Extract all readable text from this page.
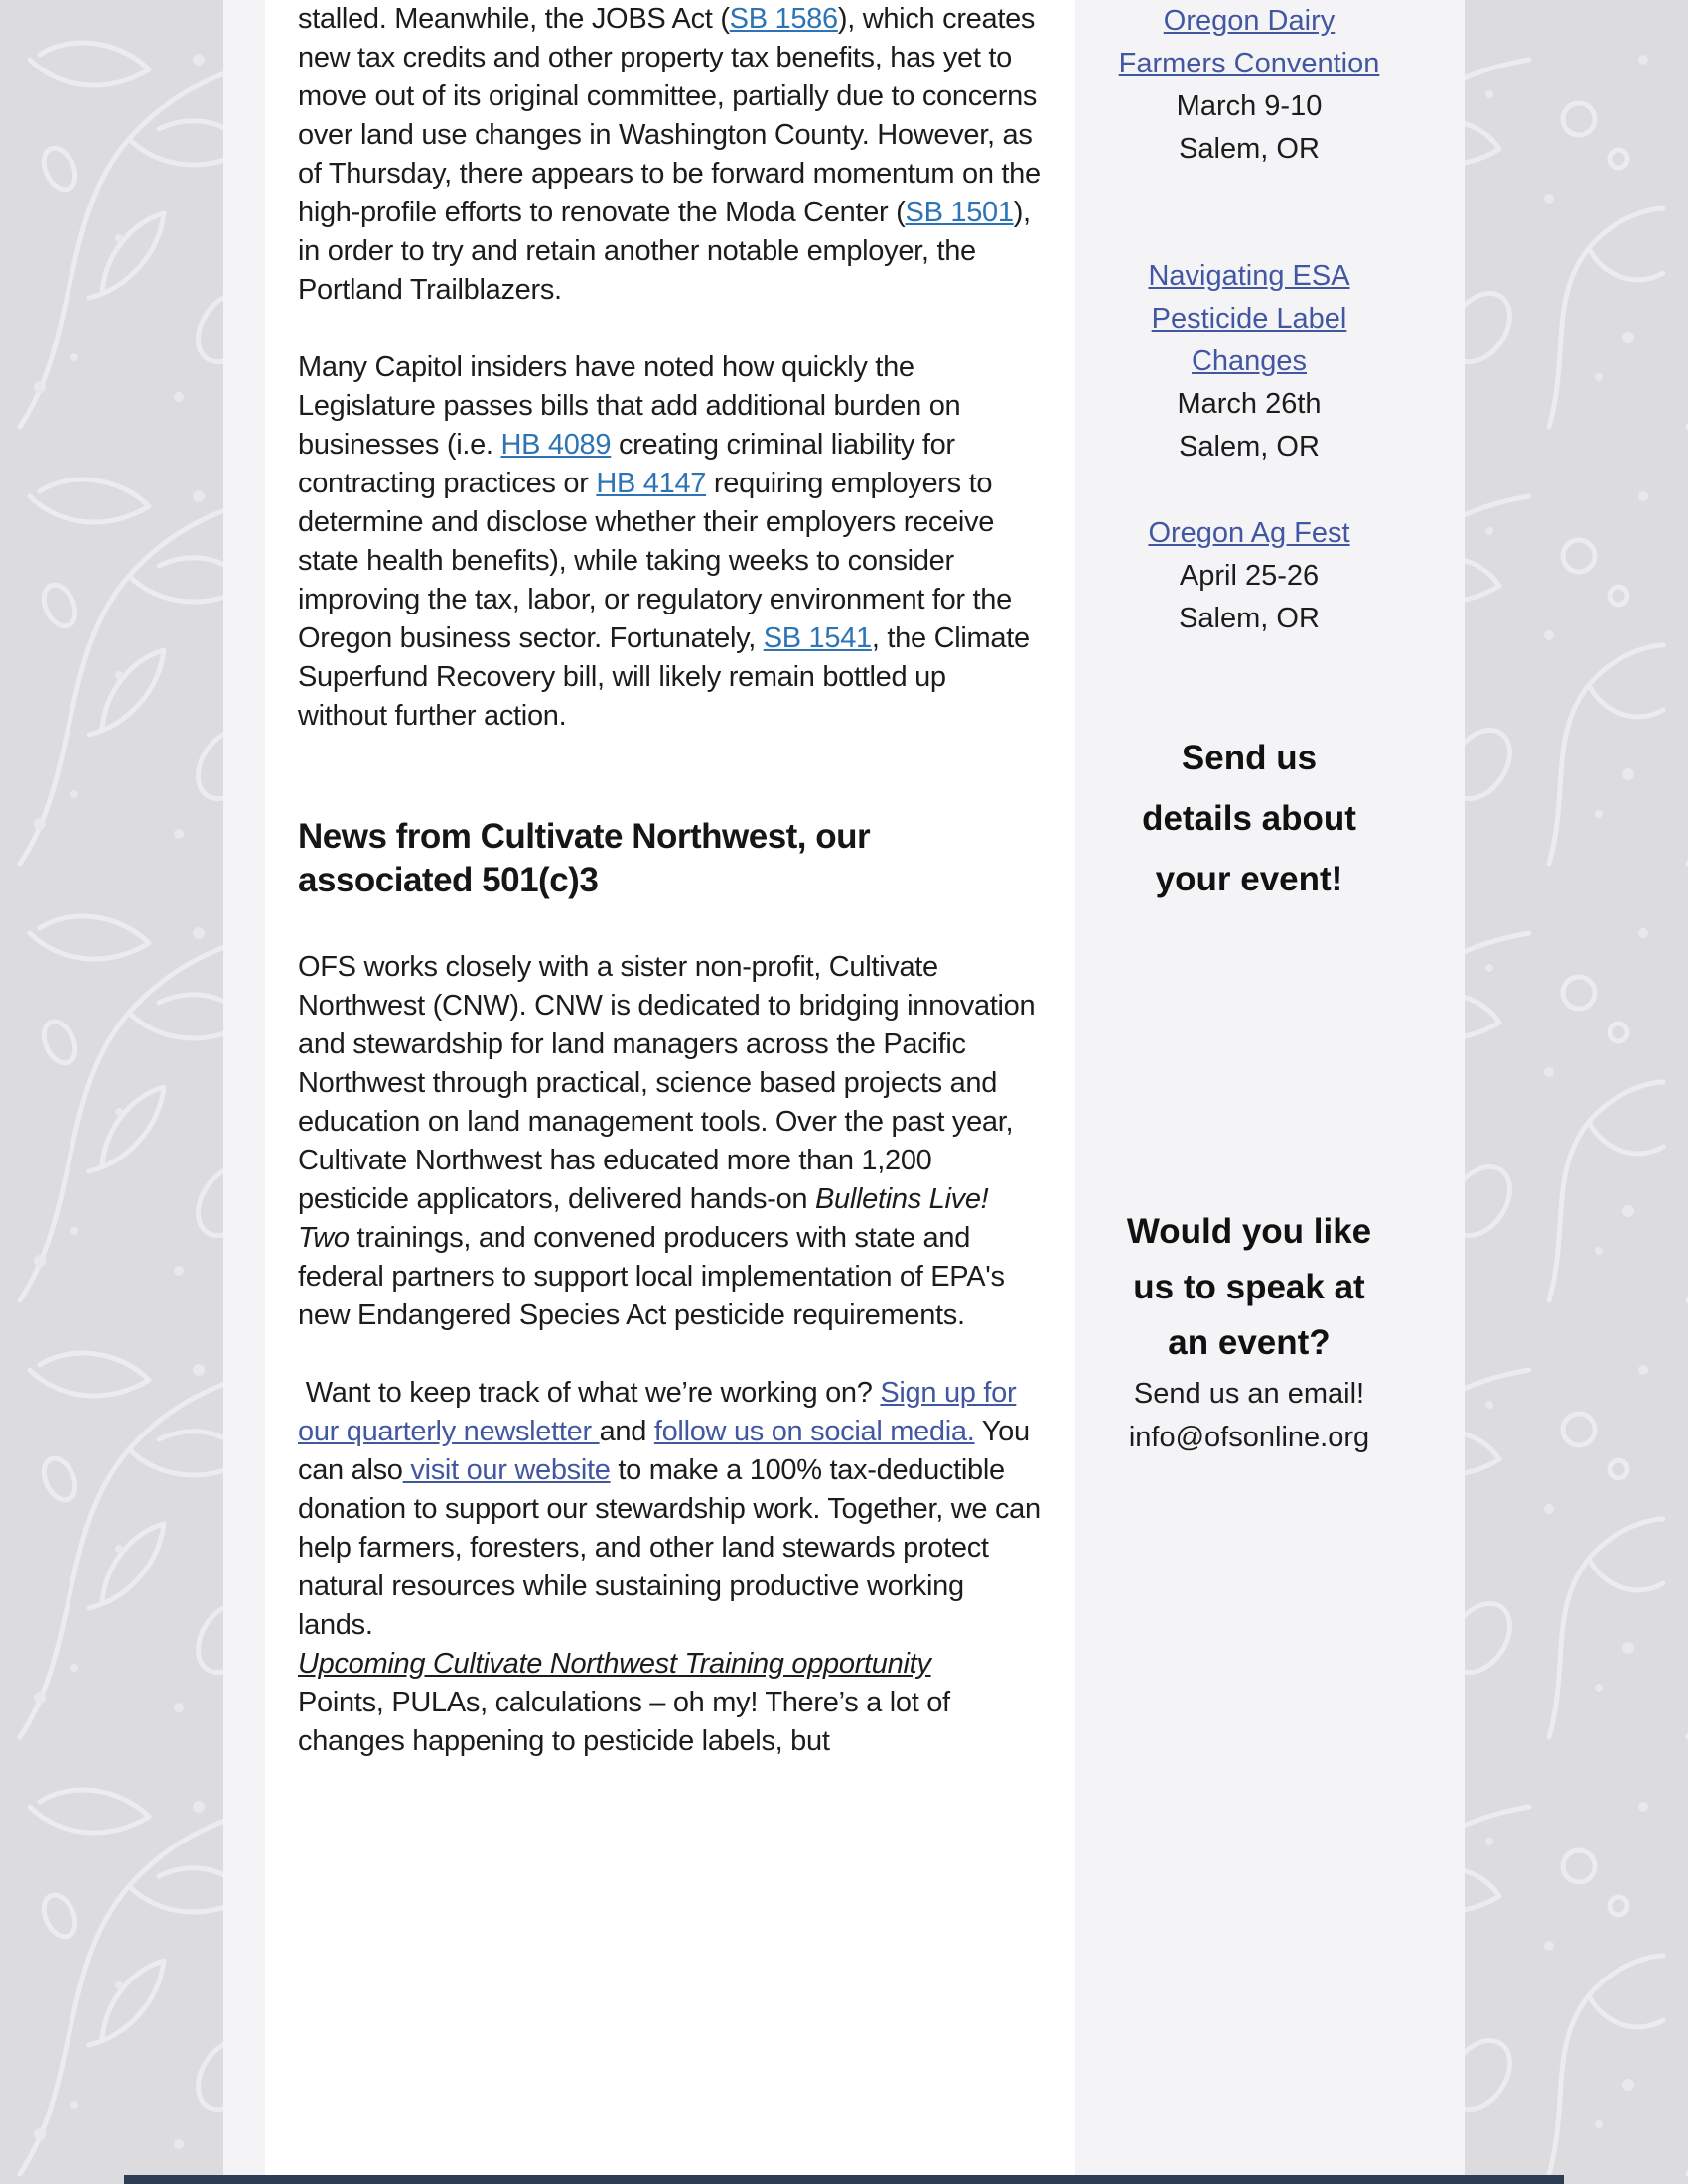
stalled. Meanwhile, the JOBS Act (SB 1586), which creates new tax credits and other property tax benefits, has yet to move out of its original committee, partially due to concerns over land use changes in Washington County. However, as of Thursday, there appears to be forward momentum on the high-profile efforts to renovate the Moda Center (SB 1501), in order to try and retain another notable employer, the Portland Trailblazers.

Many Capitol insiders have noted how quickly the Legislature passes bills that add additional burden on businesses (i.e. HB 4089 creating criminal liability for contracting practices or HB 4147 requiring employers to determine and disclose whether their employers receive state health benefits), while taking weeks to consider improving the tax, labor, or regulatory environment for the Oregon business sector. Fortunately, SB 1541, the Climate Superfund Recovery bill, will likely remain bottled up without further action.

News from Cultivate Northwest, our associated 501(c)3

OFS works closely with a sister non-profit, Cultivate Northwest (CNW). CNW is dedicated to bridging innovation and stewardship for land managers across the Pacific Northwest through practical, science based projects and education on land management tools. Over the past year, Cultivate Northwest has educated more than 1,200 pesticide applicators, delivered hands-on Bulletins Live! Two trainings, and convened producers with state and federal partners to support local implementation of EPA's new Endangered Species Act pesticide requirements.

Want to keep track of what we’re working on? Sign up for our quarterly newsletter and follow us on social media. You can also visit our website to make a 100% tax-deductible donation to support our stewardship work. Together, we can help farmers, foresters, and other land stewards protect natural resources while sustaining productive working lands.

Upcoming Cultivate Northwest Training opportunity
Points, PULAs, calculations – oh my! There’s a lot of changes happening to pesticide labels, but

Oregon Dairy
Farmers Convention
March 9-10
Salem, OR
Navigating ESA
Pesticide Label
Changes
March 26th
Salem, OR
Oregon Ag Fest
April 25-26
Salem, OR
Send us
details about
your event!
Would you like
us to speak at
an event?
Send us an email!
info@ofsonline.org
